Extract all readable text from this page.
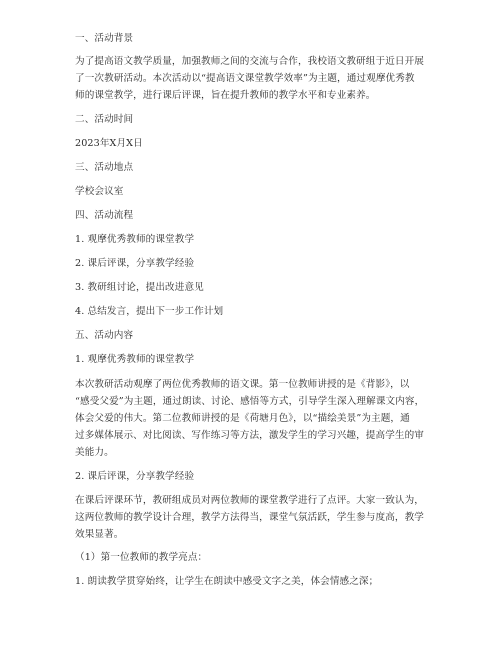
一、活动背景
为了提高语文教学质量，加强教师之间的交流与合作，我校语文教研组于近日开展
了一次教研活动。本次活动以“提高语文课堂教学效率”为主题，通过观摩优秀教
师的课堂教学，进行课后评课，旨在提升教师的教学水平和专业素养。
二、活动时间
2023年X月X日
三、活动地点
学校会议室
四、活动流程
1. 观摩优秀教师的课堂教学
2. 课后评课，分享教学经验
3. 教研组讨论，提出改进意见
4. 总结发言，提出下一步工作计划
五、活动内容
1. 观摩优秀教师的课堂教学
本次教研活动观摩了两位优秀教师的语文课。第一位教师讲授的是《背影》，以
“感受父爱”为主题，通过朗读、讨论、感悟等方式，引导学生深入理解课文内容，
体会父爱的伟大。第二位教师讲授的是《荷塘月色》，以“描绘美景”为主题，通
过多媒体展示、对比阅读、写作练习等方法，激发学生的学习兴趣，提高学生的审
美能力。
2. 课后评课，分享教学经验
在课后评课环节，教研组成员对两位教师的课堂教学进行了点评。大家一致认为，
这两位教师的教学设计合理，教学方法得当，课堂气氛活跃，学生参与度高，教学
效果显著。
（1）第一位教师的教学亮点：
1. 朗读教学贯穿始终，让学生在朗读中感受文字之美，体会情感之深；
